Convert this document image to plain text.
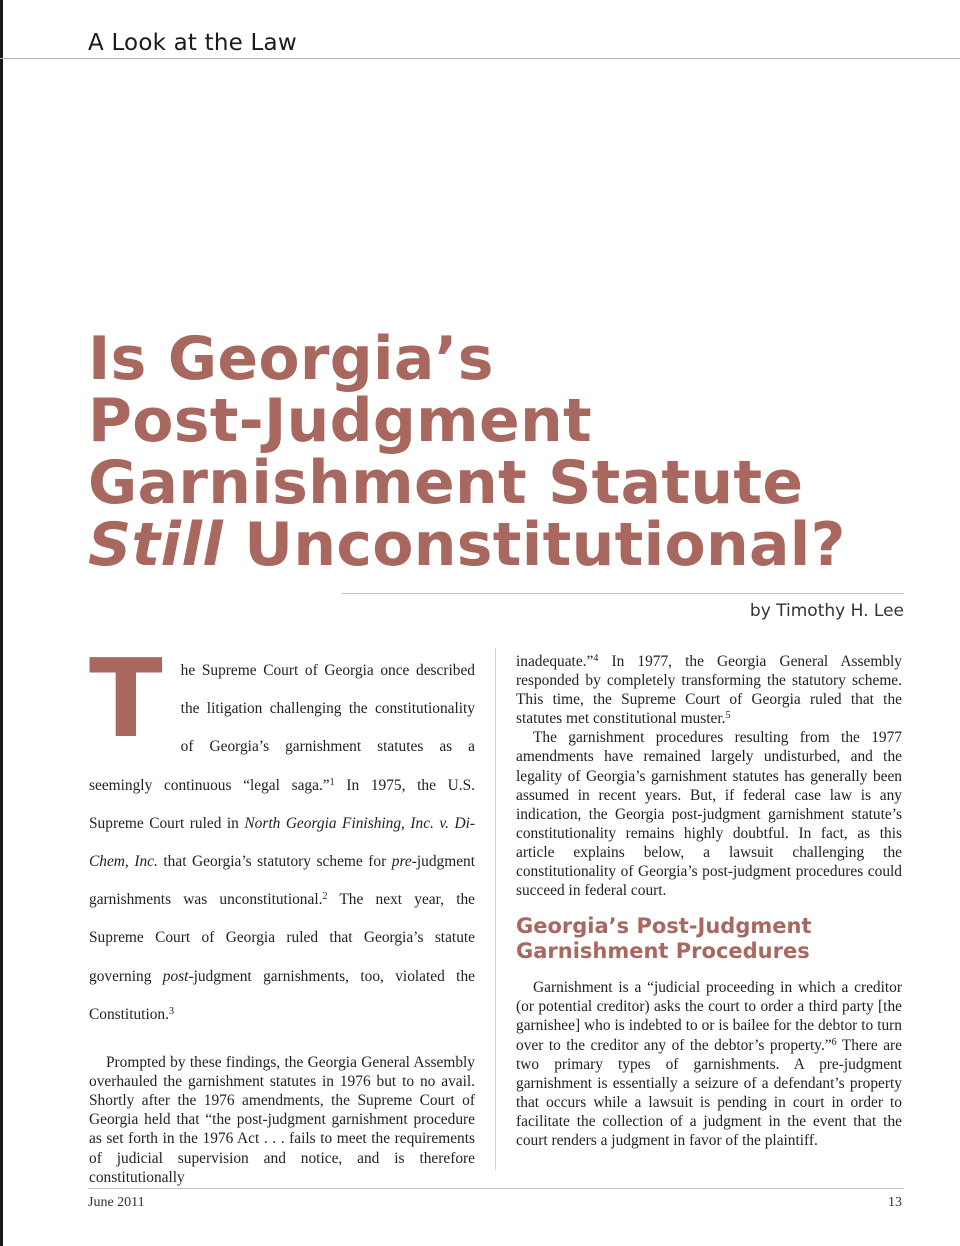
A Look at the Law
Is Georgia’s
Post-Judgment
Garnishment Statute
Still Unconstitutional?
by Timothy H. Lee

T he Supreme Court of Georgia once described the litigation challenging the constitutionality of Georgia’s garnishment statutes as a seemingly continuous “legal saga.”$^1$ In 1975, the U.S. Supreme Court ruled in North Georgia Finishing, Inc. v. Di-Chem, Inc. that Georgia’s statutory scheme for pre-judgment garnishments was unconstitutional.$^2$ The next year, the Supreme Court of Georgia ruled that Georgia’s statute governing post-judgment garnishments, too, violated the Constitution.$^3$

Prompted by these findings, the Georgia General Assembly overhauled the garnishment statutes in 1976 but to no avail. Shortly after the 1976 amendments, the Supreme Court of Georgia held that “the post-judgment garnishment procedure as set forth in the 1976 Act . . . fails to meet the requirements of judicial supervision and notice, and is therefore constitutionally

inadequate.”$^4$ In 1977, the Georgia General Assembly responded by completely transforming the statutory scheme. This time, the Supreme Court of Georgia ruled that the statutes met constitutional muster.$^5$

The garnishment procedures resulting from the 1977 amendments have remained largely undisturbed, and the legality of Georgia’s garnishment statutes has generally been assumed in recent years. But, if federal case law is any indication, the Georgia post-judgment garnishment statute’s constitutionality remains highly doubtful. In fact, as this article explains below, a lawsuit challenging the constitutionality of Georgia’s post-judgment procedures could succeed in federal court.

Georgia’s Post-Judgment
Garnishment Procedures

Garnishment is a “judicial proceeding in which a creditor (or potential creditor) asks the court to order a third party [the garnishee] who is indebted to or is bailee for the debtor to turn over to the creditor any of the debtor’s property.”$^6$ There are two primary types of garnishments. A pre-judgment garnishment is essentially a seizure of a defendant’s property that occurs while a lawsuit is pending in court in order to facilitate the collection of a judgment in the event that the court renders a judgment in favor of the plaintiff.

June 2011	13
